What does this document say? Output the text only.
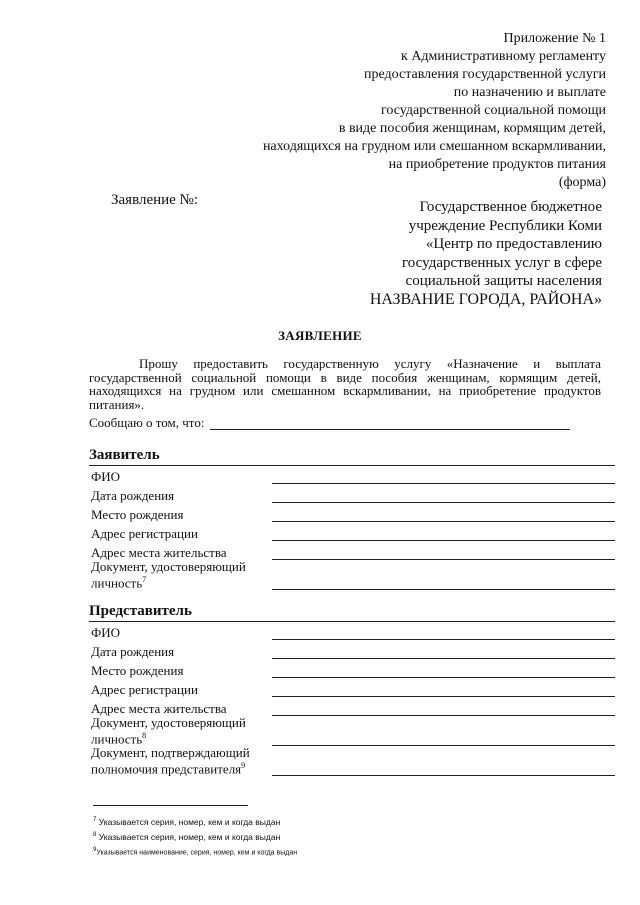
Приложение № 1
к Административному регламенту
предоставления государственной услуги
по назначению и выплате
государственной социальной помощи
в виде пособия женщинам, кормящим детей,
находящихся на грудном или смешанном вскармливании,
на приобретение продуктов питания
(форма)
Заявление №:	Государственное бюджетное
учреждение Республики Коми
«Центр по предоставлению
государственных услуг в сфере
социальной защиты населения
НАЗВАНИЕ ГОРОДА, РАЙОНА»
ЗАЯВЛЕНИЕ
Прошу предоставить государственную услугу «Назначение и выплата государственной социальной помощи в виде пособия женщинам, кормящим детей, находящихся на грудном или смешанном вскармливании, на приобретение продуктов питания».
Сообщаю о том, что:
Заявитель
ФИО
Дата рождения
Место рождения
Адрес регистрации
Адрес места жительства
Документ, удостоверяющий личность$^7$
Представитель
ФИО
Дата рождения
Место рождения
Адрес регистрации
Адрес места жительства
Документ, удостоверяющий личность$^8$
Документ, подтверждающий полномочия представителя$^9$
$^7$ Указывается серия, номер, кем и когда выдан
$^8$ Указывается серия, номер, кем и когда выдан
$^9$Указывается наименование, серия, номер, кем и когда выдан
